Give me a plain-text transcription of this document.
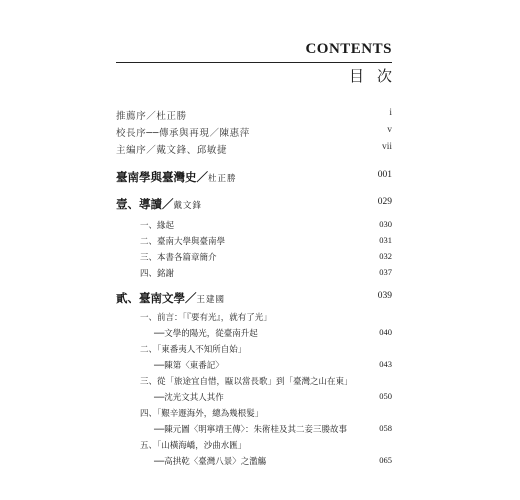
CONTENTS
目次
推薦序／杜正勝	i
校長序──傳承與再現／陳惠萍	v
主編序／戴文鋒、邱敏捷	vii
臺南學與臺灣史／杜正勝	001
壹、導讀／戴文鋒	029
一、緣起	030
二、臺南大學與臺南學	031
三、本書各篇章簡介	032
四、銘謝	037
貳、臺南文學／王建國	039
一、前言：「『要有光』，就有了光」
──文學的陽光，從臺南升起	040
二、「東番夷人不知所自始」
──陳第〈東番記〉	043
三、從「旅途宜自惜，甌以當長歌」到「臺灣之山在東」
──沈光文其人其作	050
四、「艱辛遯海外，總為幾根髮」
──陳元圖〈明寧靖王傳〉：朱術桂及其二妾三媵故事	058
五、「山橫海嶠，沙曲水匯」
──高拱乾〈臺灣八景〉之濫觴	065
